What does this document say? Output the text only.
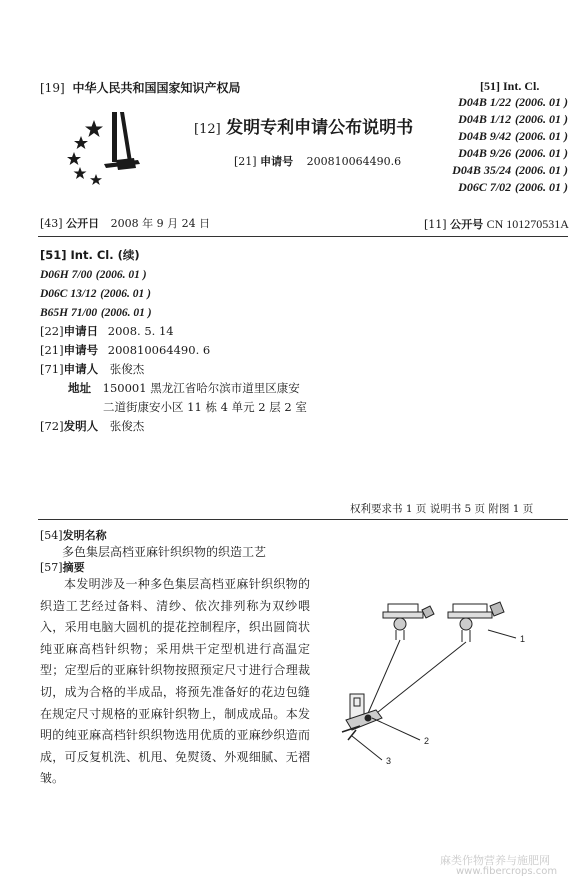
[19] 中华人民共和国国家知识产权局
[12] 发明专利申请公布说明书
[21] 申请号 200810064490.6
[51] Int. Cl.
D04B 1/22 (2006. 01 )
D04B 1/12 (2006. 01 )
D04B 9/42 (2006. 01 )
D04B 9/26 (2006. 01 )
D04B 35/24 (2006. 01 )
D06C 7/02 (2006. 01 )
[43] 公开日 2008 年 9 月 24 日	[11] 公开号 CN 101270531A
[51] Int. Cl. (续)
D06H 7/00 (2006. 01 )
D06C 13/12 (2006. 01 )
B65H 71/00 (2006. 01 )
[22]申请日 2008. 5. 14
[21]申请号 200810064490. 6
[71]申请人 张俊杰
地址 150001 黑龙江省哈尔滨市道里区康安
二道街康安小区 11 栋 4 单元 2 层 2 室
[72]发明人 张俊杰
权利要求书 1 页 说明书 5 页 附图 1 页
[54]发明名称
多色集层高档亚麻针织织物的织造工艺
[57]摘要

本发明涉及一种多色集层高档亚麻针织织物的织造工艺经过备料、清纱、依次排列称为双纱喂入，采用电脑大圆机的提花控制程序，织出圆筒状纯亚麻高档针织物；采用烘干定型机进行高温定型；定型后的亚麻针织物按照预定尺寸进行合理裁切，成为合格的半成品，将预先准备好的花边包缝在规定尺寸规格的亚麻针织物上，制成成品。本发明的纯亚麻高档针织织物选用优质的亚麻纱织造而成，可反复机洗、机甩、免熨烫、外观细腻、无褶皱。

1
2
3
麻类作物营养与施肥网
www.fibercrops.com
